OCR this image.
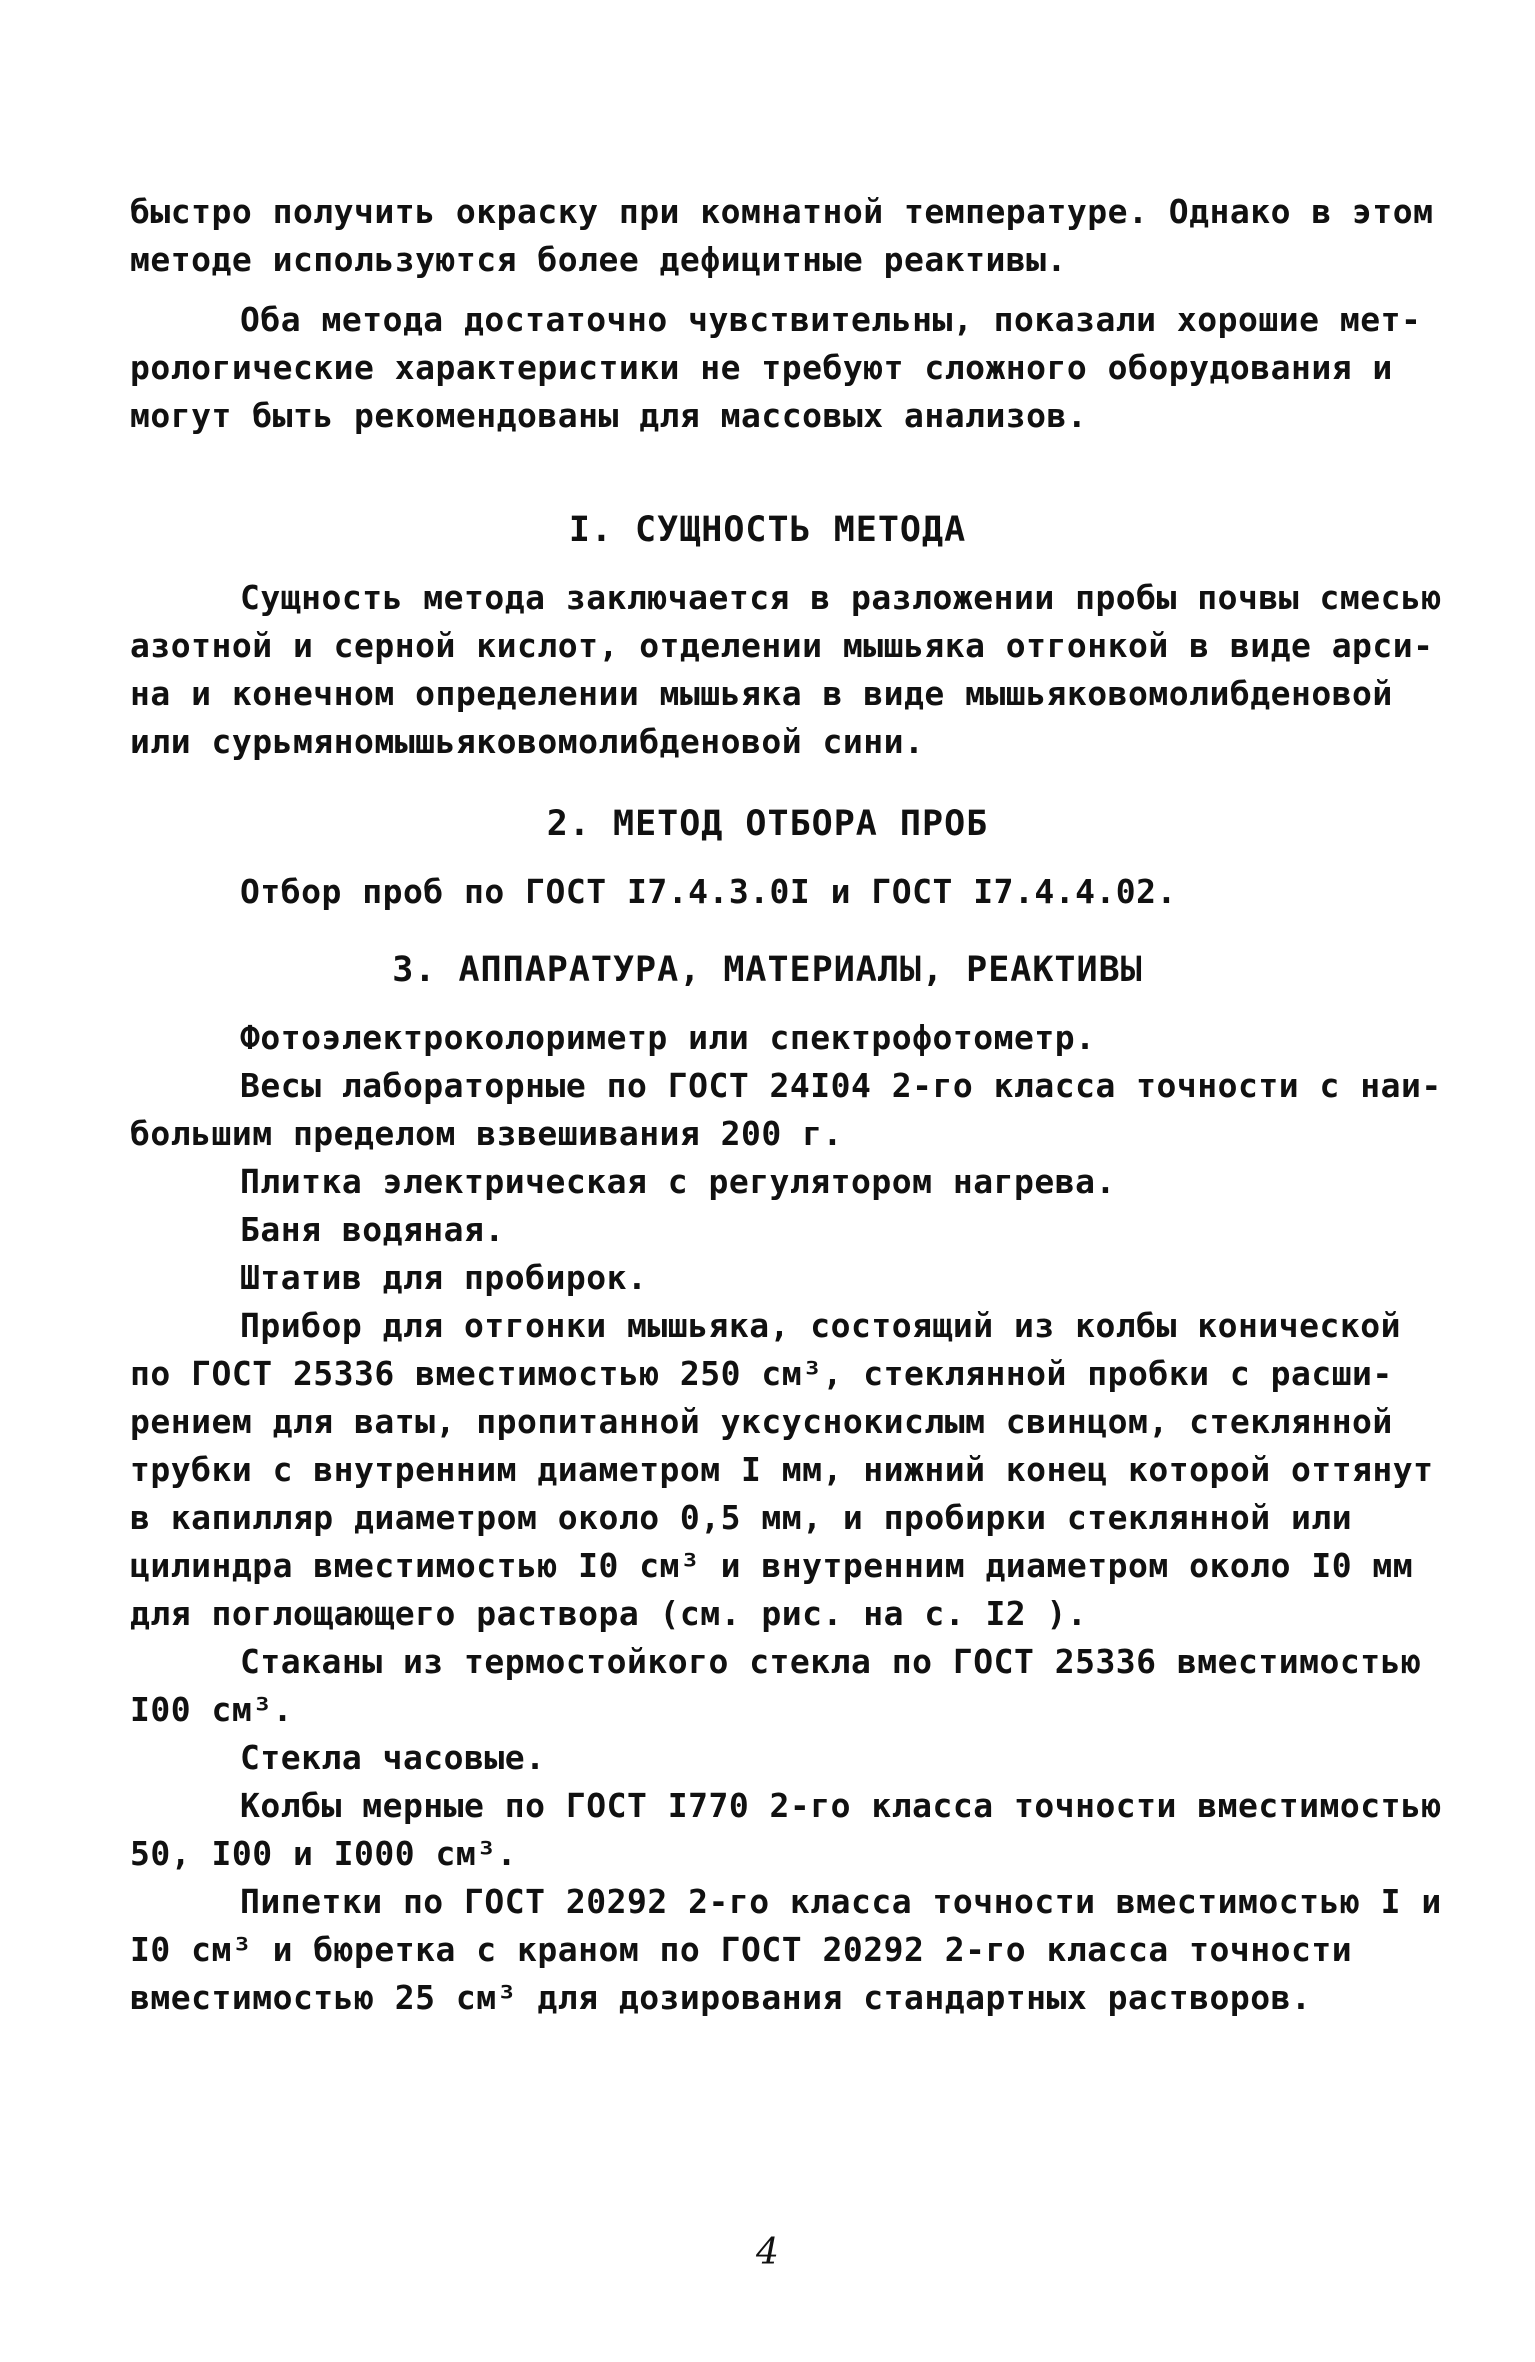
быстро получить окраску при комнатной температуре. Однако в этом
методе используются более дефицитные реактивы.
Оба метода достаточно чувствительны, показали хорошие мет-
рологические характеристики не требуют сложного оборудования и
могут быть рекомендованы для массовых анализов.
I. СУЩНОСТЬ МЕТОДА
Сущность метода заключается в разложении пробы почвы смесью
азотной и серной кислот, отделении мышьяка отгонкой в виде арси-
на и конечном определении мышьяка в виде мышьяковомолибденовой
или сурьмяномышьяковомолибденовой сини.
2. МЕТОД ОТБОРА ПРОБ
Отбор проб по ГОСТ I7.4.3.0I и ГОСТ I7.4.4.02.
3. АППАРАТУРА, МАТЕРИАЛЫ, РЕАКТИВЫ
Фотоэлектроколориметр или спектрофотометр.
Весы лабораторные по ГОСТ 24I04 2-го класса точности с наи-
большим пределом взвешивания 200 г.
Плитка электрическая с регулятором нагрева.
Баня водяная.
Штатив для пробирок.
Прибор для отгонки мышьяка, состоящий из колбы конической
по ГОСТ 25336 вместимостью 250 см³, стеклянной пробки с расши-
рением для ваты, пропитанной уксуснокислым свинцом, стеклянной
трубки с внутренним диаметром I мм, нижний конец которой оттянут
в капилляр диаметром около 0,5 мм, и пробирки стеклянной или
цилиндра вместимостью I0 см³ и внутренним диаметром около I0 мм
для поглощающего раствора (см. рис. на с. I2 ).
Стаканы из термостойкого стекла по ГОСТ 25336 вместимостью
I00 см³.
Стекла часовые.
Колбы мерные по ГОСТ I770 2-го класса точности вместимостью
50, I00 и I000 см³.
Пипетки по ГОСТ 20292 2-го класса точности вместимостью I и
I0 см³ и бюретка с краном по ГОСТ 20292 2-го класса точности
вместимостью 25 см³ для дозирования стандартных растворов.
4
